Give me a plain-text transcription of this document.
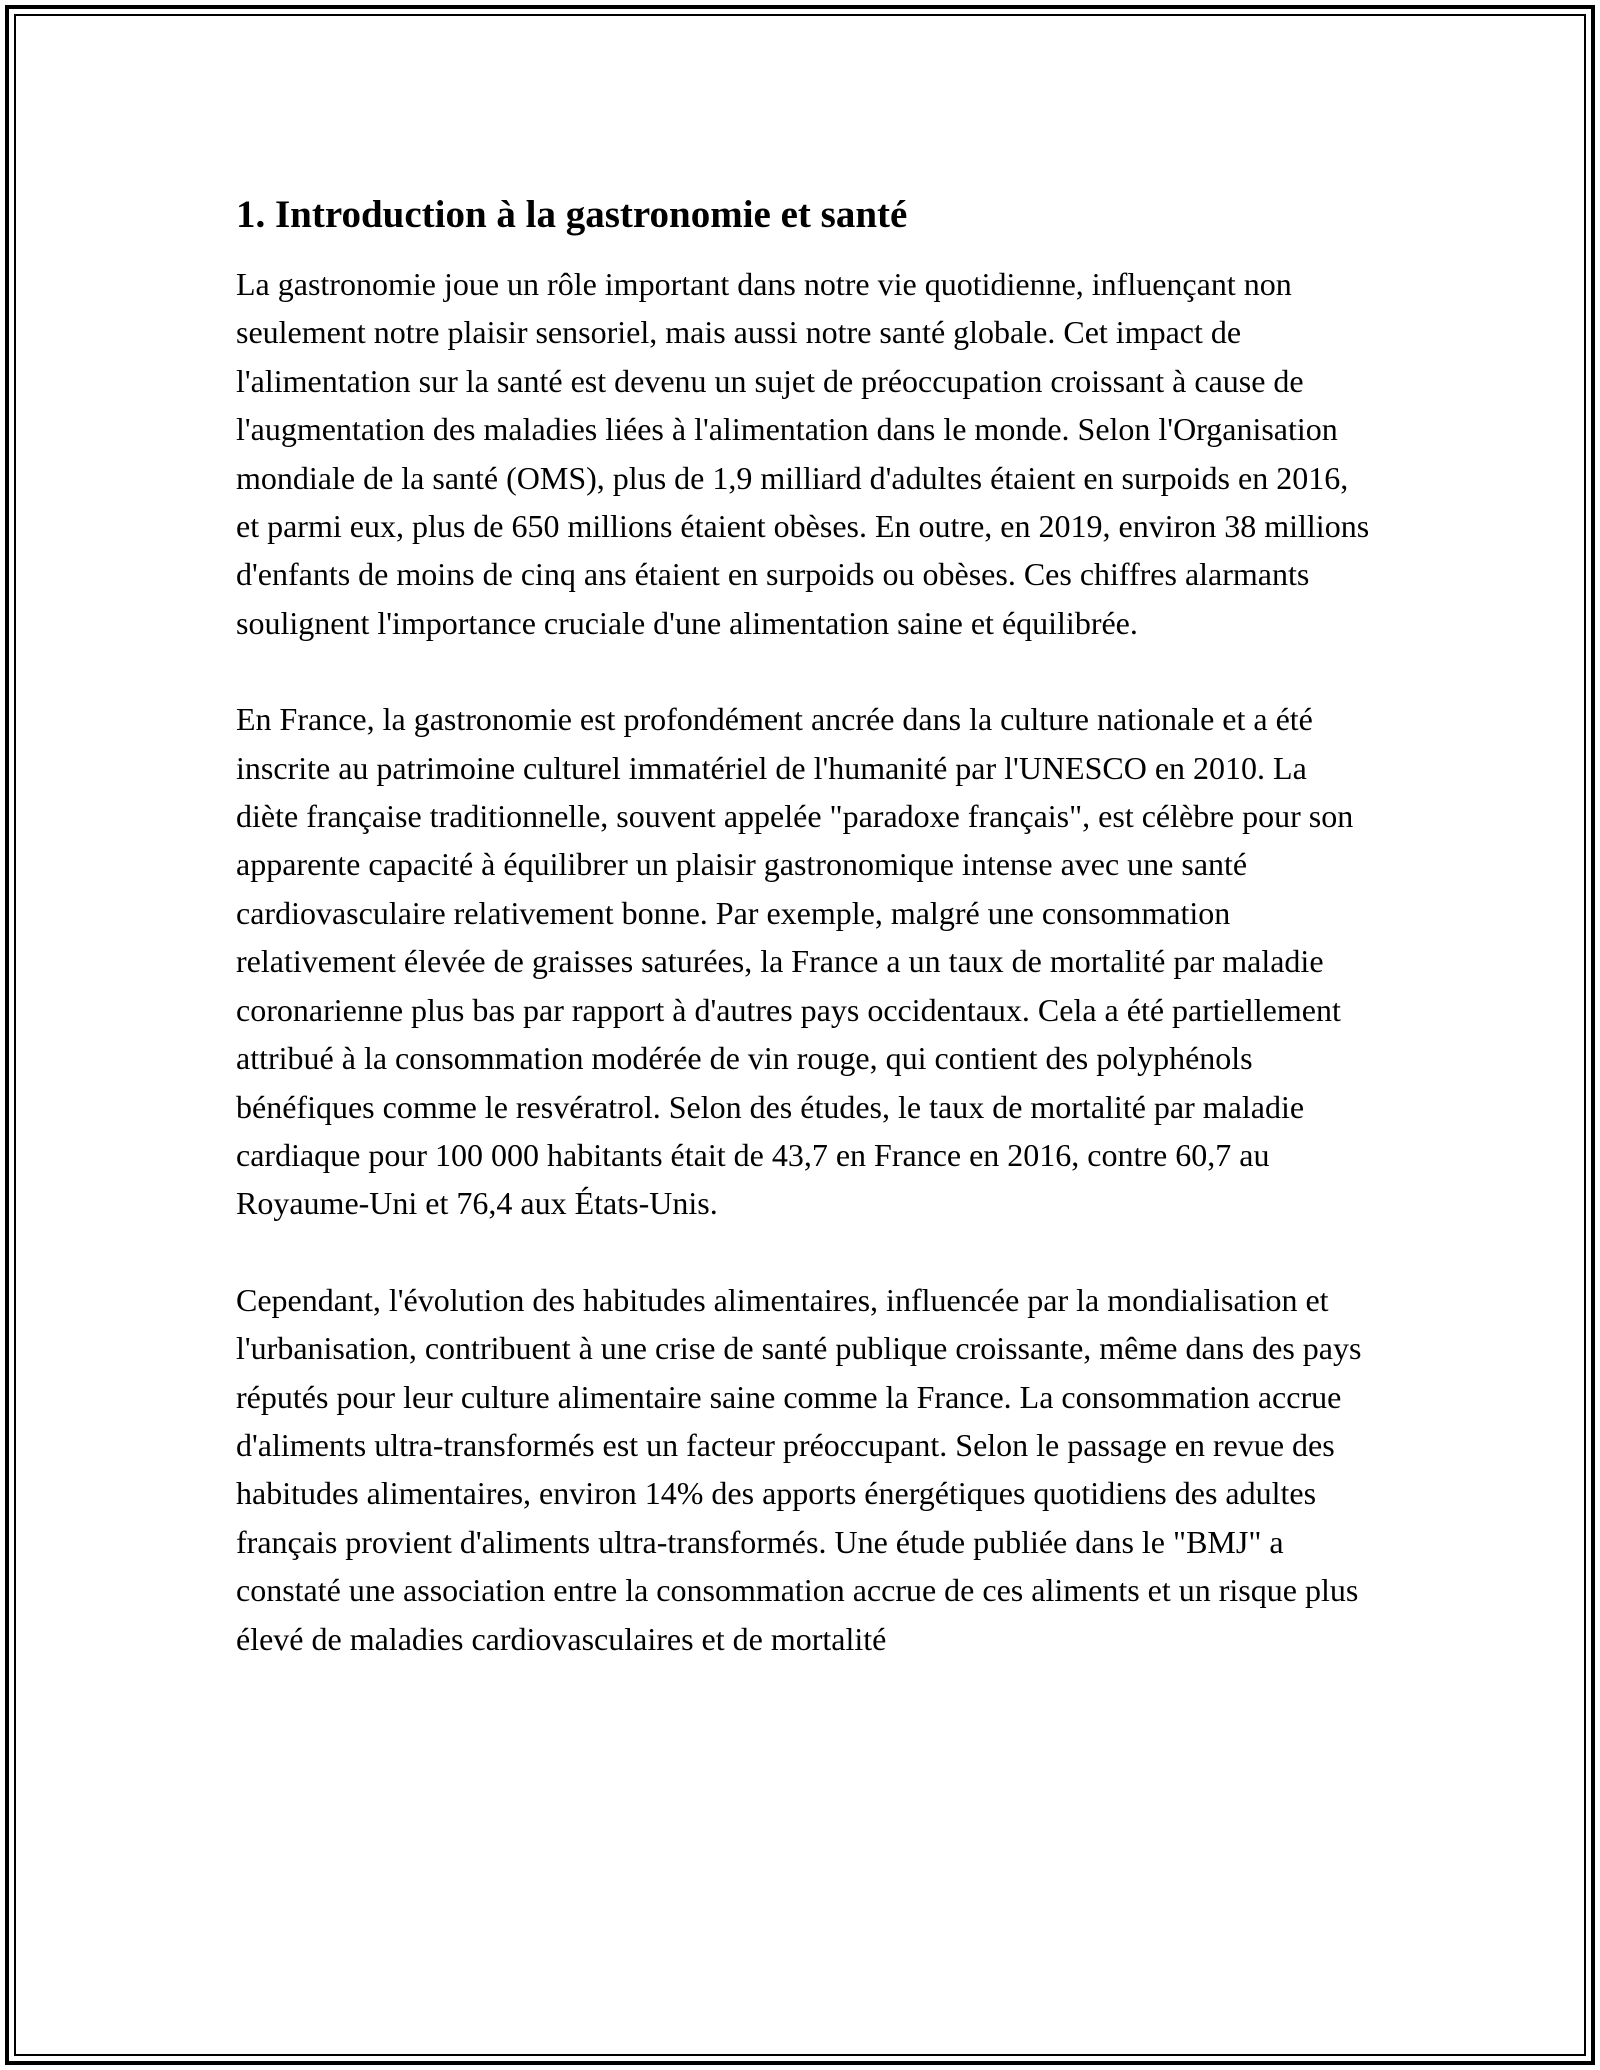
1. Introduction à la gastronomie et santé

La gastronomie joue un rôle important dans notre vie quotidienne, influençant non seulement notre plaisir sensoriel, mais aussi notre santé globale. Cet impact de l'alimentation sur la santé est devenu un sujet de préoccupation croissant à cause de l'augmentation des maladies liées à l'alimentation dans le monde. Selon l'Organisation mondiale de la santé (OMS), plus de 1,9 milliard d'adultes étaient en surpoids en 2016, et parmi eux, plus de 650 millions étaient obèses. En outre, en 2019, environ 38 millions d'enfants de moins de cinq ans étaient en surpoids ou obèses. Ces chiffres alarmants soulignent l'importance cruciale d'une alimentation saine et équilibrée.

En France, la gastronomie est profondément ancrée dans la culture nationale et a été inscrite au patrimoine culturel immatériel de l'humanité par l'UNESCO en 2010. La diète française traditionnelle, souvent appelée "paradoxe français", est célèbre pour son apparente capacité à équilibrer un plaisir gastronomique intense avec une santé cardiovasculaire relativement bonne. Par exemple, malgré une consommation relativement élevée de graisses saturées, la France a un taux de mortalité par maladie coronarienne plus bas par rapport à d'autres pays occidentaux. Cela a été partiellement attribué à la consommation modérée de vin rouge, qui contient des polyphénols bénéfiques comme le resvératrol. Selon des études, le taux de mortalité par maladie cardiaque pour 100 000 habitants était de 43,7 en France en 2016, contre 60,7 au Royaume-Uni et 76,4 aux États-Unis.

Cependant, l'évolution des habitudes alimentaires, influencée par la mondialisation et l'urbanisation, contribuent à une crise de santé publique croissante, même dans des pays réputés pour leur culture alimentaire saine comme la France. La consommation accrue d'aliments ultra-transformés est un facteur préoccupant. Selon le passage en revue des habitudes alimentaires, environ 14% des apports énergétiques quotidiens des adultes français provient d'aliments ultra-transformés. Une étude publiée dans le "BMJ" a constaté une association entre la consommation accrue de ces aliments et un risque plus élevé de maladies cardiovasculaires et de mortalité
